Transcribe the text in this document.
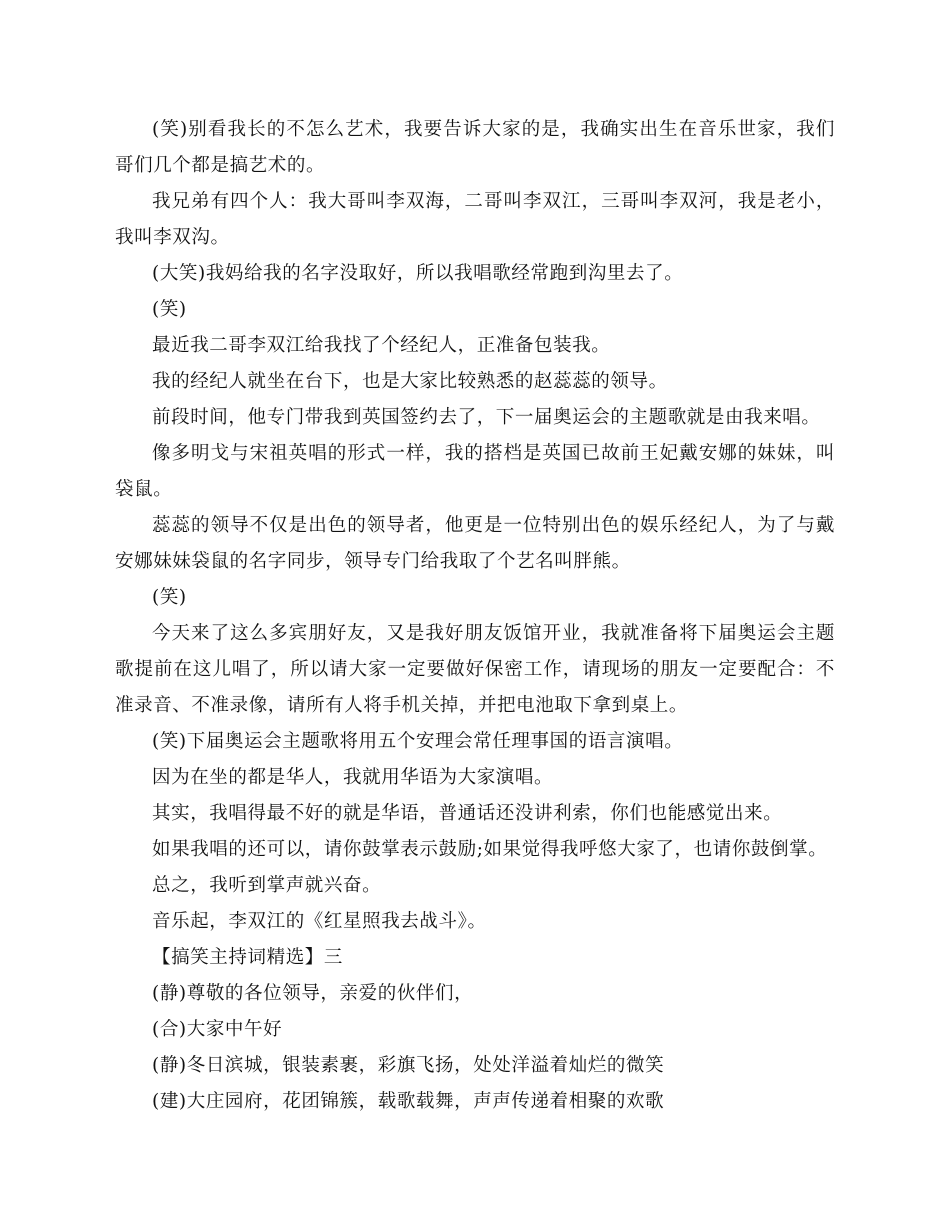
(笑)别看我长的不怎么艺术，我要告诉大家的是，我确实出生在音乐世家，我们哥们几个都是搞艺术的。

我兄弟有四个人：我大哥叫李双海，二哥叫李双江，三哥叫李双河，我是老小，我叫李双沟。

(大笑)我妈给我的名字没取好，所以我唱歌经常跑到沟里去了。

(笑)

最近我二哥李双江给我找了个经纪人，正准备包装我。

我的经纪人就坐在台下，也是大家比较熟悉的赵蕊蕊的领导。

前段时间，他专门带我到英国签约去了，下一届奥运会的主题歌就是由我来唱。

像多明戈与宋祖英唱的形式一样，我的搭档是英国已故前王妃戴安娜的妹妹，叫袋鼠。

蕊蕊的领导不仅是出色的领导者，他更是一位特别出色的娱乐经纪人，为了与戴安娜妹妹袋鼠的名字同步，领导专门给我取了个艺名叫胖熊。

(笑)

今天来了这么多宾朋好友，又是我好朋友饭馆开业，我就准备将下届奥运会主题歌提前在这儿唱了，所以请大家一定要做好保密工作，请现场的朋友一定要配合：不准录音、不准录像，请所有人将手机关掉，并把电池取下拿到桌上。

(笑)下届奥运会主题歌将用五个安理会常任理事国的语言演唱。

因为在坐的都是华人，我就用华语为大家演唱。

其实，我唱得最不好的就是华语，普通话还没讲利索，你们也能感觉出来。

如果我唱的还可以，请你鼓掌表示鼓励;如果觉得我呼悠大家了，也请你鼓倒掌。

总之，我听到掌声就兴奋。

音乐起，李双江的《红星照我去战斗》。

【搞笑主持词精选】三

(静)尊敬的各位领导，亲爱的伙伴们，

(合)大家中午好

(静)冬日滨城，银装素裹，彩旗飞扬，处处洋溢着灿烂的微笑

(建)大庄园府，花团锦簇，载歌载舞，声声传递着相聚的欢歌
